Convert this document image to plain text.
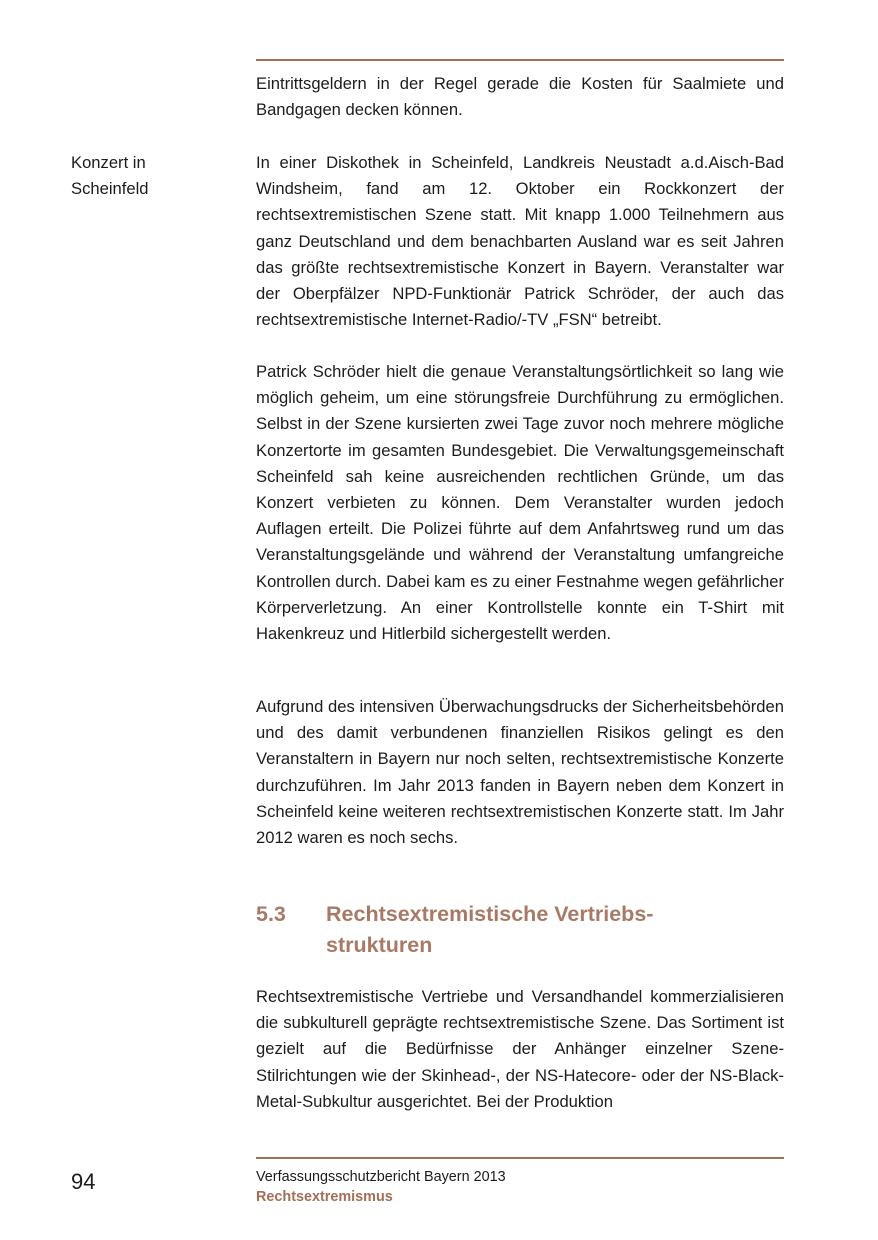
Eintrittsgeldern in der Regel gerade die Kosten für Saalmiete und Bandgagen decken können.

Konzert in
Scheinfeld

In einer Diskothek in Scheinfeld, Landkreis Neustadt a.d.Aisch-Bad Windsheim, fand am 12. Oktober ein Rockkonzert der rechtsextremistischen Szene statt. Mit knapp 1.000 Teilnehmern aus ganz Deutschland und dem benachbarten Ausland war es seit Jahren das größte rechtsextremistische Konzert in Bayern. Veranstalter war der Oberpfälzer NPD-Funktionär Patrick Schröder, der auch das rechtsextremistische Internet-Radio/-TV „FSN“ betreibt.

Patrick Schröder hielt die genaue Veranstaltungsörtlichkeit so lang wie möglich geheim, um eine störungsfreie Durchführung zu ermöglichen. Selbst in der Szene kursierten zwei Tage zuvor noch mehrere mögliche Konzertorte im gesamten Bundesgebiet. Die Verwaltungsgemeinschaft Scheinfeld sah keine ausreichenden rechtlichen Gründe, um das Konzert verbieten zu können. Dem Veranstalter wurden jedoch Auflagen erteilt. Die Polizei führte auf dem Anfahrtsweg rund um das Veranstaltungsgelände und während der Veranstaltung umfangreiche Kontrollen durch. Dabei kam es zu einer Festnahme wegen gefährlicher Körperverletzung. An einer Kontrollstelle konnte ein T-Shirt mit Hakenkreuz und Hitlerbild sichergestellt werden.

Aufgrund des intensiven Überwachungsdrucks der Sicherheitsbehörden und des damit verbundenen finanziellen Risikos gelingt es den Veranstaltern in Bayern nur noch selten, rechtsextremistische Konzerte durchzuführen. Im Jahr 2013 fanden in Bayern neben dem Konzert in Scheinfeld keine weiteren rechtsextremistischen Konzerte statt. Im Jahr 2012 waren es noch sechs.

5.3 Rechtsextremistische Vertriebs-strukturen

Rechtsextremistische Vertriebe und Versandhandel kommerzialisieren die subkulturell geprägte rechtsextremistische Szene. Das Sortiment ist gezielt auf die Bedürfnisse der Anhänger einzelner Szene-Stilrichtungen wie der Skinhead-, der NS-Hatecore- oder der NS-Black-Metal-Subkultur ausgerichtet. Bei der Produktion

94	Verfassungsschutzbericht Bayern 2013
Rechtsextremismus
